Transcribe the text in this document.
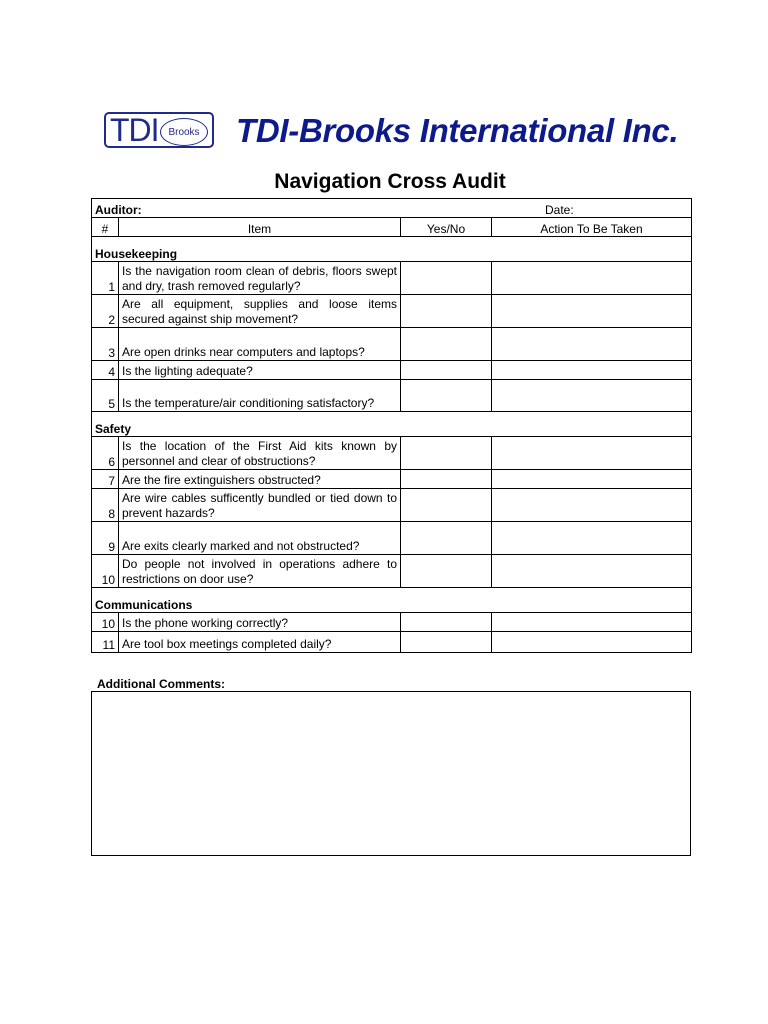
TDI Brooks TDI-Brooks International Inc.
Navigation Cross Audit
Auditor: Date:			
#	Item	Yes/No	Action To Be Taken
Housekeeping			
1	Is the navigation room clean of debris, floors swept and dry, trash removed regularly?		
2	Are all equipment, supplies and loose items secured against ship movement?		
3	Are open drinks near computers and laptops?		
4	Is the lighting adequate?		
5	Is the temperature/air conditioning satisfactory?		
Safety			
6	Is the location of the First Aid kits known by personnel and clear of obstructions?		
7	Are the fire extinguishers obstructed?		
8	Are wire cables sufficently bundled or tied down to prevent hazards?		
9	Are exits clearly marked and not obstructed?		
10	Do people not involved in operations adhere to restrictions on door use?		
Communications			
10	Is the phone working correctly?		
11	Are tool box meetings completed daily?		
Additional Comments:
